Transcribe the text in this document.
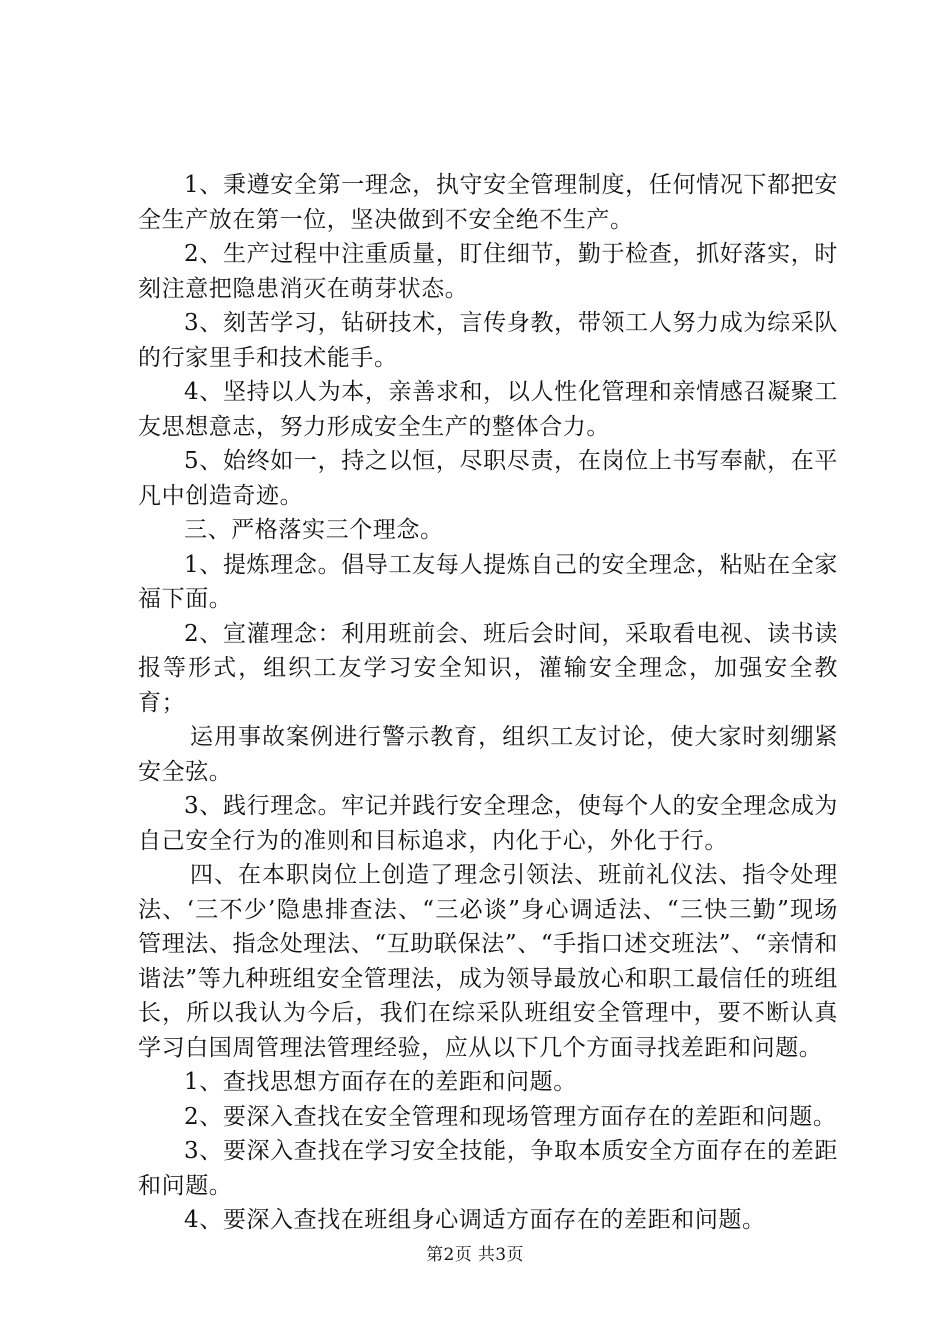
1、秉遵安全第一理念，执守安全管理制度，任何情况下都把安全生产放在第一位，坚决做到不安全绝不生产。

2、生产过程中注重质量，盯住细节，勤于检查，抓好落实，时刻注意把隐患消灭在萌芽状态。

3、刻苦学习，钻研技术，言传身教，带领工人努力成为综采队的行家里手和技术能手。

4、坚持以人为本，亲善求和，以人性化管理和亲情感召凝聚工友思想意志，努力形成安全生产的整体合力。

5、始终如一，持之以恒，尽职尽责，在岗位上书写奉献，在平凡中创造奇迹。

三、严格落实三个理念。

1、提炼理念。倡导工友每人提炼自己的安全理念，粘贴在全家福下面。

2、宣灌理念：利用班前会、班后会时间，采取看电视、读书读报等形式，组织工友学习安全知识，灌输安全理念，加强安全教育；

运用事故案例进行警示教育，组织工友讨论，使大家时刻绷紧安全弦。

3、践行理念。牢记并践行安全理念，使每个人的安全理念成为自己安全行为的准则和目标追求，内化于心，外化于行。

四、在本职岗位上创造了理念引领法、班前礼仪法、指令处理法、‘三不少’隐患排查法、“三必谈”身心调适法、“三快三勤”现场管理法、指念处理法、“互助联保法”、“手指口述交班法”、“亲情和谐法”等九种班组安全管理法，成为领导最放心和职工最信任的班组长，所以我认为今后，我们在综采队班组安全管理中，要不断认真学习白国周管理法管理经验，应从以下几个方面寻找差距和问题。

1、查找思想方面存在的差距和问题。

2、要深入查找在安全管理和现场管理方面存在的差距和问题。

3、要深入查找在学习安全技能，争取本质安全方面存在的差距和问题。

4、要深入查找在班组身心调适方面存在的差距和问题。

第2页 共3页
